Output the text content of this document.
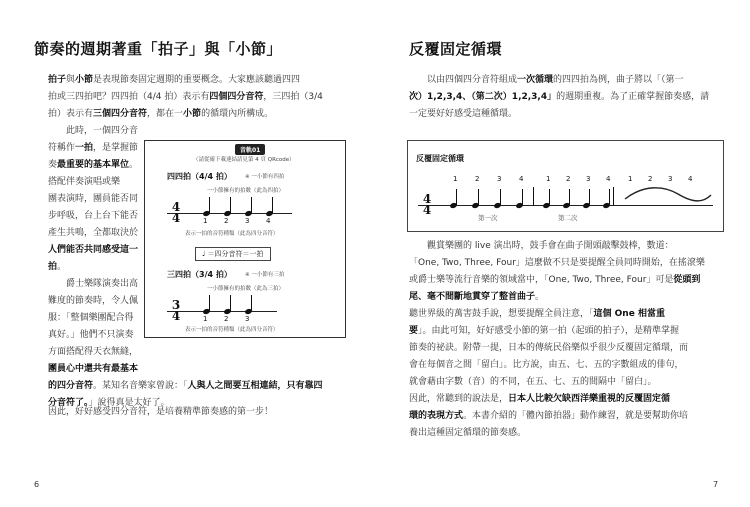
節奏的週期著重「拍子」與「小節」
拍子與小節是表現節奏固定週期的重要概念。大家應該聽過四四
拍或三四拍吧？四四拍（4/4 拍）表示有四個四分音符，三四拍（3/4
拍）表示有三個四分音符，都在一小節的循環內所構成。
此時，一個四分音
符稱作一拍，是掌握節
奏最重要的基本單位。
搭配伴奏演唱或樂
團表演時，團員能否同
步呼吸，台上台下能否
產生共鳴，全都取決於
人們能否共同感受這一
拍。
爵士樂隊演奏出高
難度的節奏時，令人佩
服：「整個樂團配合得
真好。」他們不只演奏
方面搭配得天衣無縫，
團員心中還共有最基本
的四分音符。某知名音樂家曾說：「人與人之間要互相連結，只有靠四
分音符了。」說得真是太好了。
因此，好好感受四分音符，是培養精準節奏感的第一步！
音軌01
（請從確下載連結請見第 4 頁 QRcode）
四四拍（4/4 拍） ※ 一小節有四拍
一小節擁有的拍數（此為四拍）
4
4	1 2 3 4
表示一拍的音符種類（此為四分音符）
♩ ＝四分音符＝一拍
三四拍（3/4 拍） ※ 一小節有三拍
一小節擁有的拍數（此為三拍）
3
4	1 2 3
表示一拍的音符種類（此為四分音符）
6
反覆固定循環
以由四個四分音符組成一次循環的四四拍為例，曲子將以「（第一
次）1,2,3,4、（第二次）1,2,3,4」的週期重複。為了正確掌握節奏感，請
一定要好好感受這種循環。
反覆固定循環
4
4
1	2	3	4	1 2 3 4	1 2 3 4
第一次	第二次
觀賞樂團的 live 演出時，鼓手會在曲子開頭敲擊鼓棒，數道：
「One, Two, Three, Four」這麼做不只是要提醒全員同時開始，在搖滾樂
或爵士樂等流行音樂的領域當中，「One, Two, Three, Four」可是從頭到
尾、毫不間斷地貫穿了整首曲子。
聽世界級的萬害鼓手說，想要提醒全員注意，「這個 One 相當重
要」。由此可知，好好感受小節的第一拍（起頭的拍子），是精準掌握
節奏的祕訣。附帶一提，日本的傳統民俗樂似乎很少反覆固定循環，而
會在每個音之間「留白」。比方說，由五、七、五的字數組成的俳句，
就會藉由字數（音）的不同，在五、七、五的間隔中「留白」。
因此，常聽到的說法是，日本人比較欠缺西洋樂重視的反覆固定循
環的表現方式。本書介紹的「體內節拍器」動作練習，就是要幫助你培
養出這種固定循環的節奏感。
7
